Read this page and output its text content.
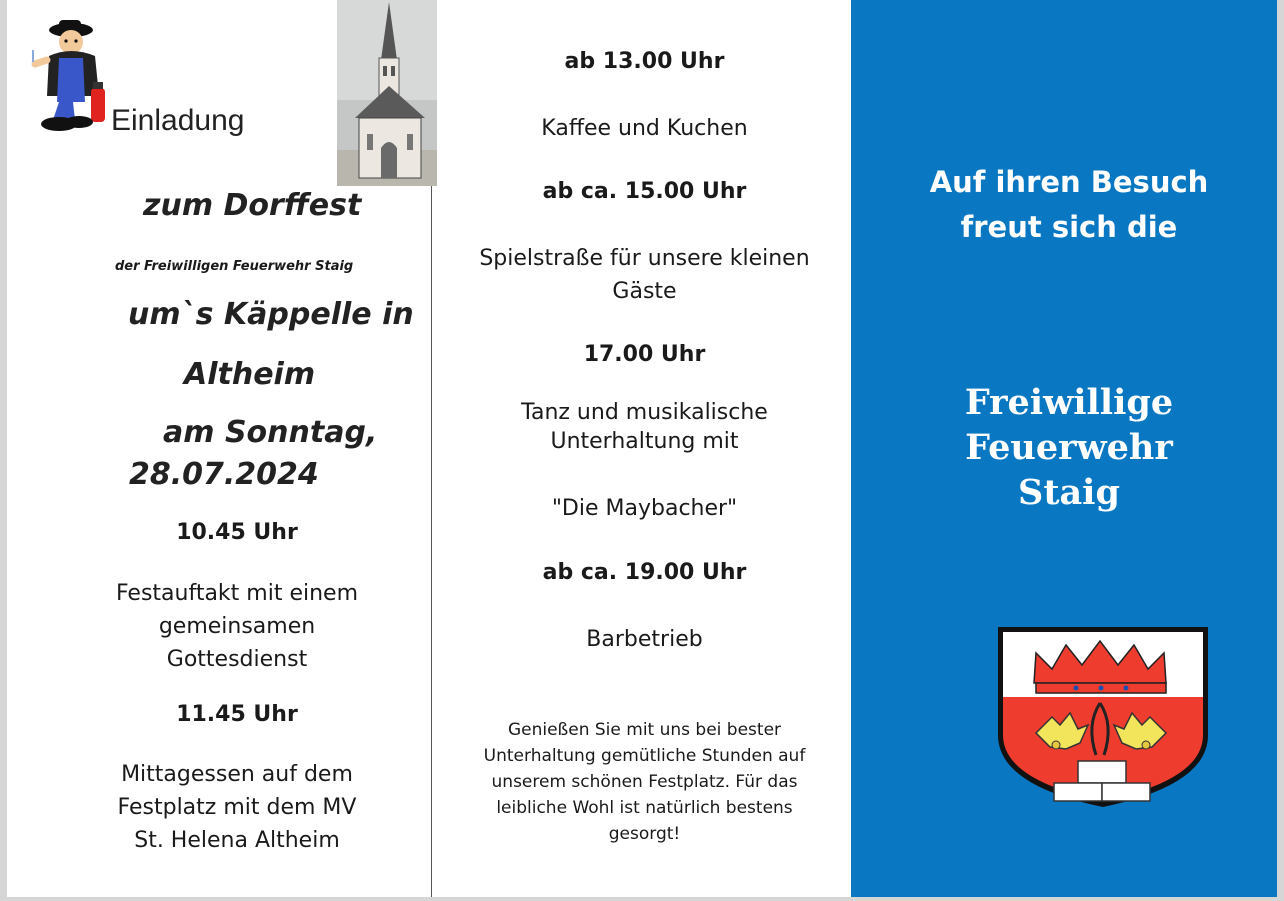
Einladung
zum Dorffest
der Freiwilligen Feuerwehr Staig
um`s Käppelle in
Altheim
am Sonntag,
28.07.2024
10.45 Uhr
Festauftakt mit einem
gemeinsamen
Gottesdienst
11.45 Uhr
Mittagessen auf dem
Festplatz mit dem MV
St. Helena Altheim
ab 13.00 Uhr
Kaffee und Kuchen
ab ca. 15.00 Uhr
Spielstraße für unsere kleinen
Gäste
17.00 Uhr
Tanz und musikalische
Unterhaltung mit
"Die Maybacher"
ab ca. 19.00 Uhr
Barbetrieb
Genießen Sie mit uns bei bester
Unterhaltung gemütliche Stunden auf
unserem schönen Festplatz. Für das
leibliche Wohl ist natürlich bestens
gesorgt!
Auf ihren Besuch
freut sich die
Freiwillige
Feuerwehr
Staig
